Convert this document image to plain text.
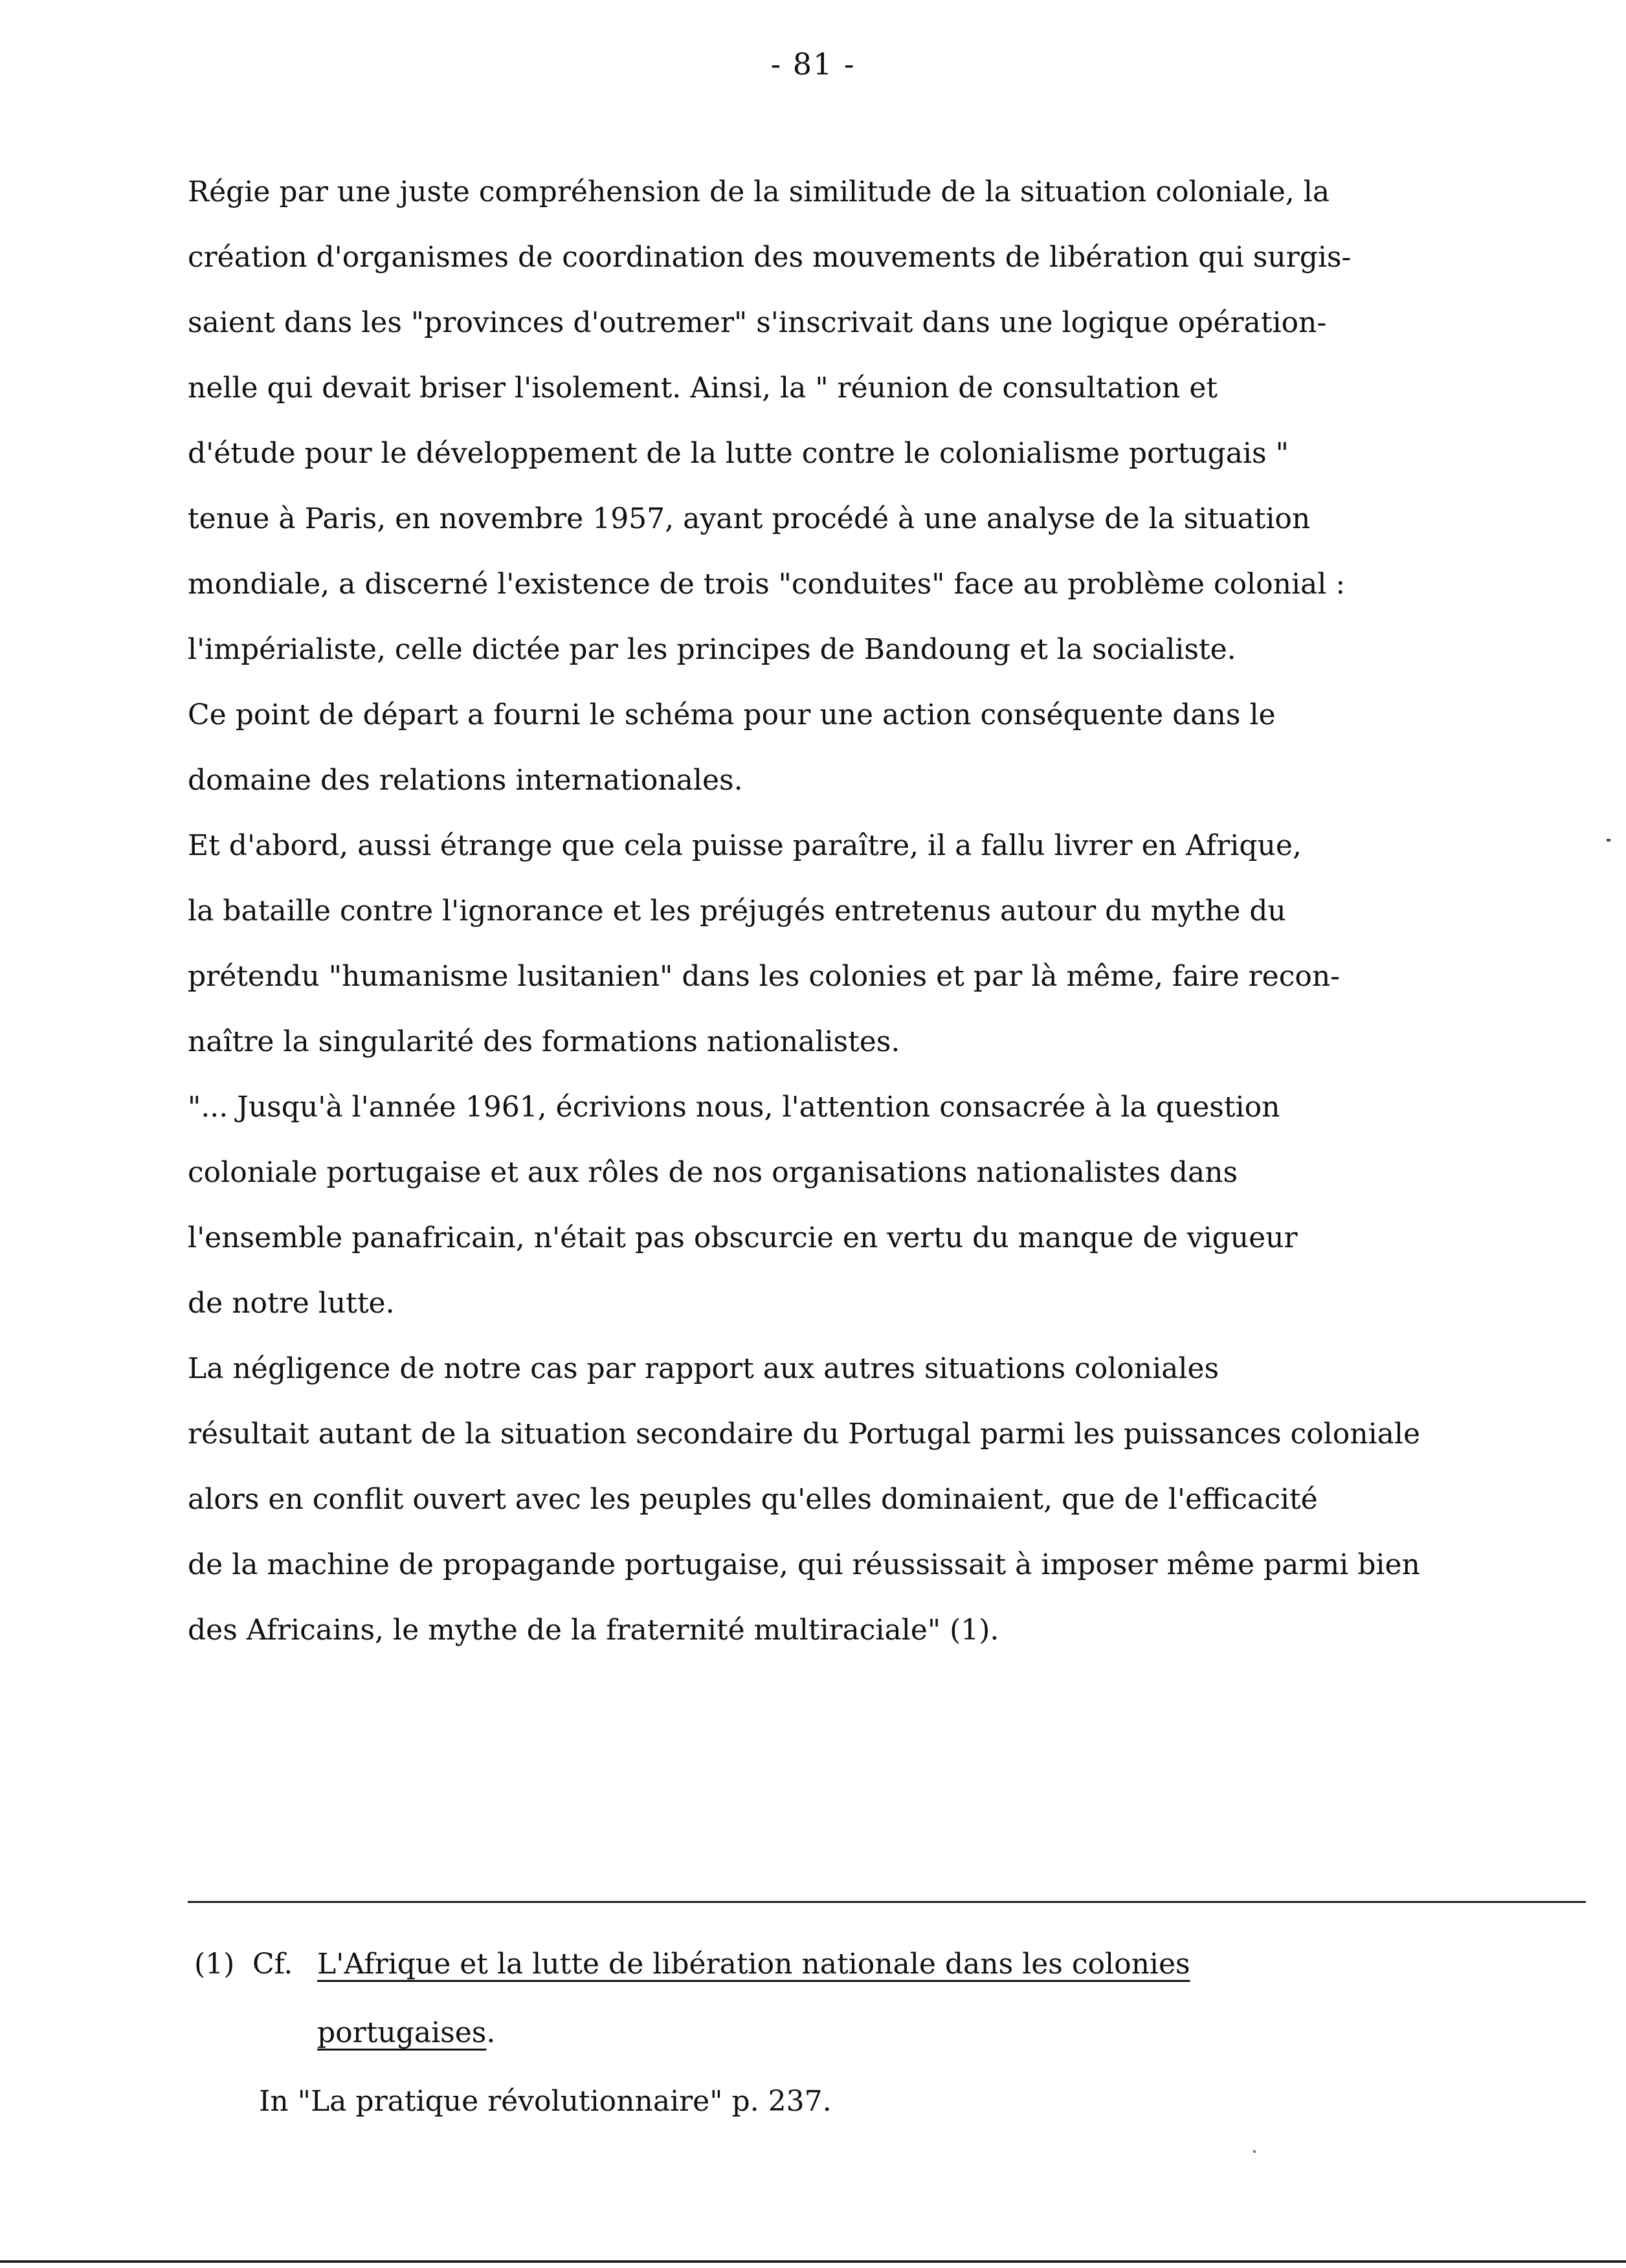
- 81 -
Régie par une juste compréhension de la similitude de la situation coloniale, la
création d'organismes de coordination des mouvements de libération qui surgis-
saient dans les "provinces d'outremer" s'inscrivait dans une logique opération-
nelle qui devait briser l'isolement. Ainsi, la " réunion de consultation et
d'étude pour le développement de la lutte contre le colonialisme portugais "
tenue à Paris, en novembre 1957, ayant procédé à une analyse de la situation
mondiale, a discerné l'existence de trois "conduites" face au problème colonial :
l'impérialiste, celle dictée par les principes de Bandoung et la socialiste.
Ce point de départ a fourni le schéma pour une action conséquente dans le
domaine des relations internationales.
Et d'abord, aussi étrange que cela puisse paraître, il a fallu livrer en Afrique,
la bataille contre l'ignorance et les préjugés entretenus autour du mythe du
prétendu "humanisme lusitanien" dans les colonies et par là même, faire recon-
naître la singularité des formations nationalistes.
"... Jusqu'à l'année 1961, écrivions nous, l'attention consacrée à la question
coloniale portugaise et aux rôles de nos organisations nationalistes dans
l'ensemble panafricain, n'était pas obscurcie en vertu du manque de vigueur
de notre lutte.
La négligence de notre cas par rapport aux autres situations coloniales
résultait autant de la situation secondaire du Portugal parmi les puissances coloniale
alors en conflit ouvert avec les peuples qu'elles dominaient, que de l'efficacité
de la machine de propagande portugaise, qui réussissait à imposer même parmi bien
des Africains, le mythe de la fraternité multiraciale" (1).
(1) Cf. L'Afrique et la lutte de libération nationale dans les colonies
portugaises.
In "La pratique révolutionnaire" p. 237.
